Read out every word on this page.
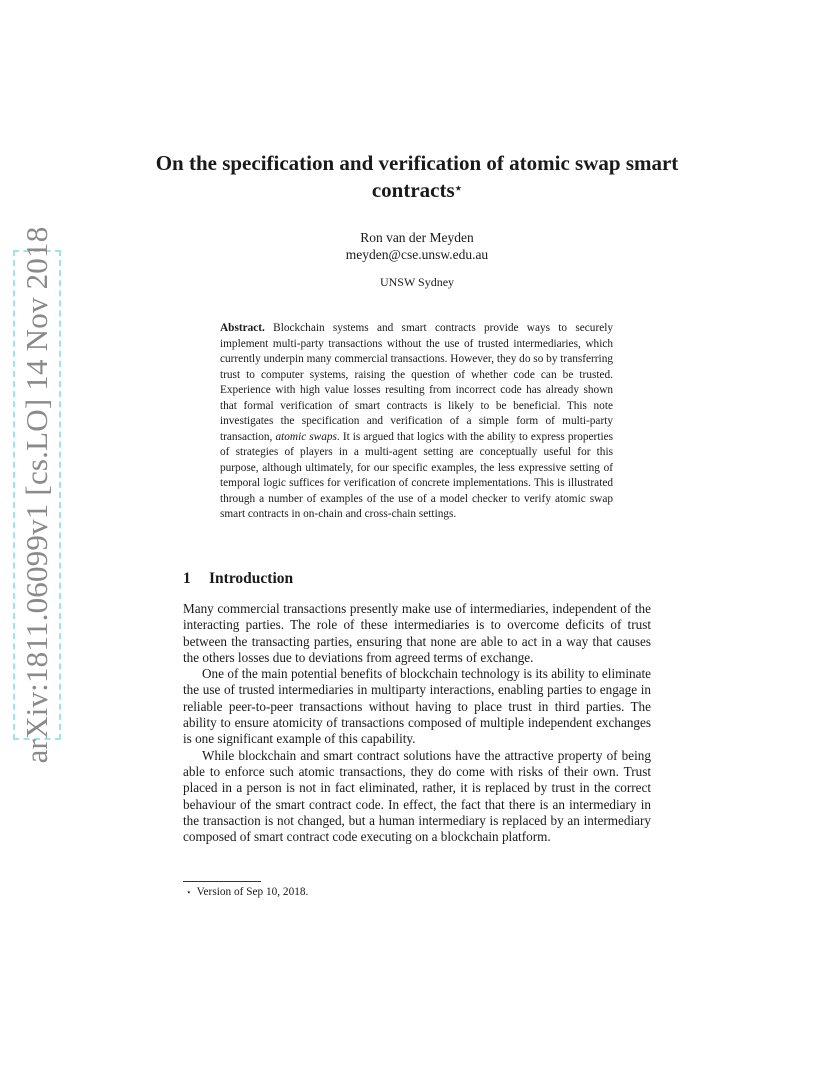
arXiv:1811.06099v1 [cs.LO] 14 Nov 2018
On the specification and verification of atomic swap smart contracts⋆
Ron van der Meyden
meyden@cse.unsw.edu.au
UNSW Sydney

Abstract. Blockchain systems and smart contracts provide ways to securely implement multi-party transactions without the use of trusted intermediaries, which currently underpin many commercial transactions. However, they do so by transferring trust to computer systems, raising the question of whether code can be trusted. Experience with high value losses resulting from incorrect code has already shown that formal verification of smart contracts is likely to be beneficial. This note investigates the specification and verification of a simple form of multi-party transaction, atomic swaps. It is argued that logics with the ability to express properties of strategies of players in a multi-agent setting are conceptually useful for this purpose, although ultimately, for our specific examples, the less expressive setting of temporal logic suffices for verification of concrete implementations. This is illustrated through a number of examples of the use of a model checker to verify atomic swap smart contracts in on-chain and cross-chain settings.

1 Introduction

Many commercial transactions presently make use of intermediaries, independent of the interacting parties. The role of these intermediaries is to overcome deficits of trust between the transacting parties, ensuring that none are able to act in a way that causes the others losses due to deviations from agreed terms of exchange.

One of the main potential benefits of blockchain technology is its ability to eliminate the use of trusted intermediaries in multiparty interactions, enabling parties to engage in reliable peer-to-peer transactions without having to place trust in third parties. The ability to ensure atomicity of transactions composed of multiple independent exchanges is one significant example of this capability.

While blockchain and smart contract solutions have the attractive property of being able to enforce such atomic transactions, they do come with risks of their own. Trust placed in a person is not in fact eliminated, rather, it is replaced by trust in the correct behaviour of the smart contract code. In effect, the fact that there is an intermediary in the transaction is not changed, but a human intermediary is replaced by an intermediary composed of smart contract code executing on a blockchain platform.

⋆ Version of Sep 10, 2018.
